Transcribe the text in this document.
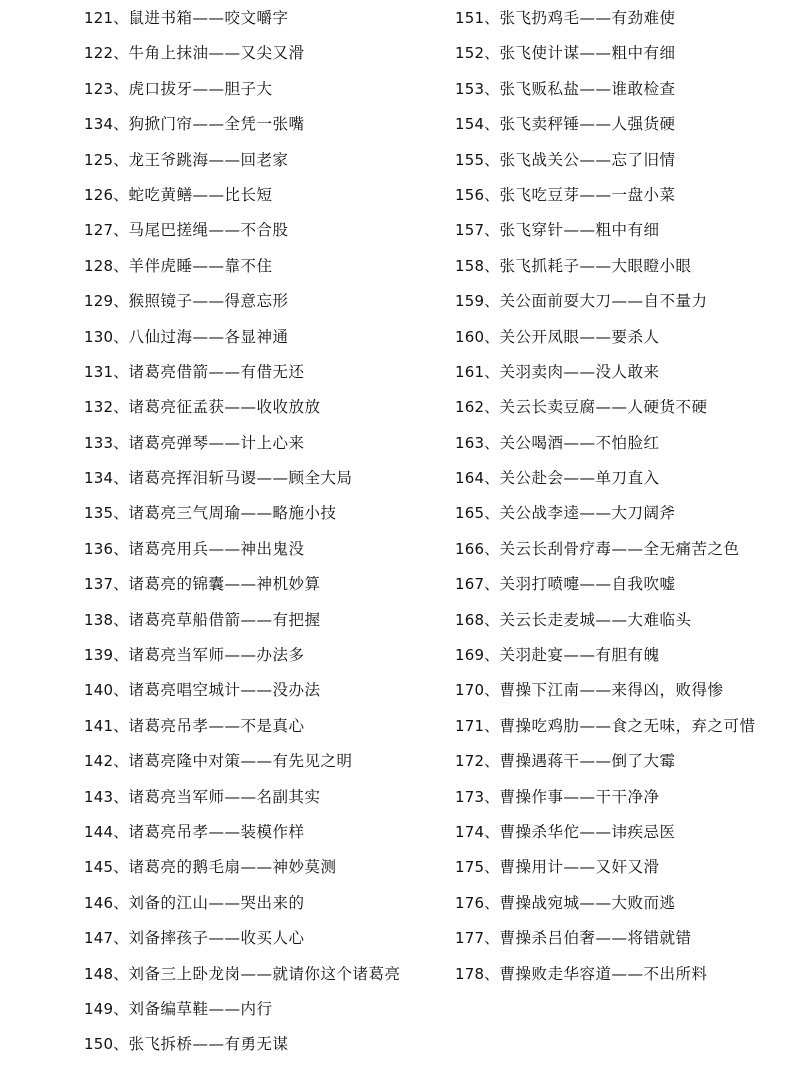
121、鼠进书箱——咬文嚼字
122、牛角上抹油——又尖又滑
123、虎口拔牙——胆子大
134、狗掀门帘——全凭一张嘴
125、龙王爷跳海——回老家
126、蛇吃黄鳝——比长短
127、马尾巴搓绳——不合股
128、羊伴虎睡——靠不住
129、猴照镜子——得意忘形
130、八仙过海——各显神通
131、诸葛亮借箭——有借无还
132、诸葛亮征孟获——收收放放
133、诸葛亮弹琴——计上心来
134、诸葛亮挥泪斩马谡——顾全大局
135、诸葛亮三气周瑜——略施小技
136、诸葛亮用兵——神出鬼没
137、诸葛亮的锦囊——神机妙算
138、诸葛亮草船借箭——有把握
139、诸葛亮当军师——办法多
140、诸葛亮唱空城计——没办法
141、诸葛亮吊孝——不是真心
142、诸葛亮隆中对策——有先见之明
143、诸葛亮当军师——名副其实
144、诸葛亮吊孝——装模作样
145、诸葛亮的鹅毛扇——神妙莫测
146、刘备的江山——哭出来的
147、刘备摔孩子——收买人心
148、刘备三上卧龙岗——就请你这个诸葛亮
149、刘备编草鞋——内行
150、张飞拆桥——有勇无谋
151、张飞扔鸡毛——有劲难使
152、张飞使计谋——粗中有细
153、张飞贩私盐——谁敢检查
154、张飞卖秤锤——人强货硬
155、张飞战关公——忘了旧情
156、张飞吃豆芽——一盘小菜
157、张飞穿针——粗中有细
158、张飞抓耗子——大眼瞪小眼
159、关公面前耍大刀——自不量力
160、关公开凤眼——要杀人
161、关羽卖肉——没人敢来
162、关云长卖豆腐——人硬货不硬
163、关公喝酒——不怕脸红
164、关公赴会——单刀直入
165、关公战李逵——大刀阔斧
166、关云长刮骨疗毒——全无痛苦之色
167、关羽打喷嚏——自我吹嘘
168、关云长走麦城——大难临头
169、关羽赴宴——有胆有魄
170、曹操下江南——来得凶，败得惨
171、曹操吃鸡肋——食之无味，弃之可惜
172、曹操遇蒋干——倒了大霉
173、曹操作事——干干净净
174、曹操杀华佗——讳疾忌医
175、曹操用计——又奸又滑
176、曹操战宛城——大败而逃
177、曹操杀吕伯奢——将错就错
178、曹操败走华容道——不出所料
